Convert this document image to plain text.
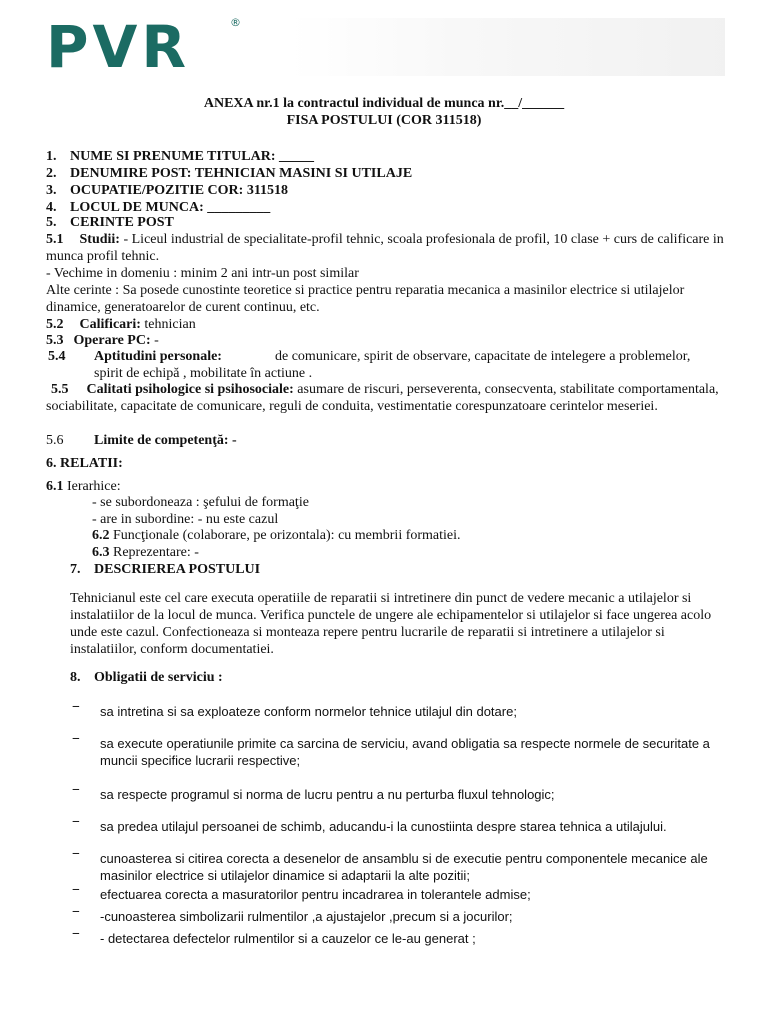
PVR	®
ANEXA nr.1 la contractul individual de munca nr.__/______
FISA POSTULUI (COR 311518)
1. NUME SI PRENUME TITULAR: _____
2. DENUMIRE POST: TEHNICIAN MASINI SI UTILAJE
3. OCUPATIE/POZITIE COR: 311518
4. LOCUL DE MUNCA: _________
5. CERINTE POST
5.1 Studii: - Liceul industrial de specialitate-profil tehnic, scoala profesionala de profil, 10 clase + curs de calificare in munca profil tehnic.
- Vechime in domeniu : minim 2 ani intr-un post similar
Alte cerinte : Sa posede cunostinte teoretice si practice pentru reparatia mecanica a masinilor electrice si utilajelor dinamice, generatoarelor de curent continuu, etc.
5.2 Calificari: tehnician
5.3 Operare PC: -
5.4 Aptitudini personale:	de comunicare, spirit de observare, capacitate de intelegere a problemelor, spirit de echipă , mobilitate în actiune .
5.5 Calitati psihologice si psihosociale: asumare de riscuri, perseverenta, consecventa, stabilitate comportamentala, sociabilitate, capacitate de comunicare, reguli de conduita, vestimentatie corespunzatoare cerintelor meseriei.
5.6 Limite de competenţă: -
6. RELATII:
6.1 Ierarhice:
- se subordoneaza : şefului de formaţie
- are in subordine: - nu este cazul
6.2 Funcţionale (colaborare, pe orizontala): cu membrii formatiei.
6.3 Reprezentare: -
7. DESCRIEREA POSTULUI
Tehnicianul este cel care executa operatiile de reparatii si intretinere din punct de vedere mecanic a utilajelor si instalatiilor de la locul de munca. Verifica punctele de ungere ale echipamentelor si utilajelor si face ungerea acolo unde este cazul. Confectioneaza si monteaza repere pentru lucrarile de reparatii si intretinere a utilajelor si instalatiilor, conform documentatiei.
8. Obligatii de serviciu :
− sa intretina si sa exploateze conform normelor tehnice utilajul din dotare;
− sa execute operatiunile primite ca sarcina de serviciu, avand obligatia sa respecte normele de securitate a muncii specifice lucrarii respective;
− sa respecte programul si norma de lucru pentru a nu perturba fluxul tehnologic;
− sa predea utilajul persoanei de schimb, aducandu-i la cunostiinta despre starea tehnica a utilajului.
− cunoasterea si citirea corecta a desenelor de ansamblu si de executie pentru componentele mecanice ale masinilor electrice si utilajelor dinamice si adaptarii la alte pozitii;
− efectuarea corecta a masuratorilor pentru incadrarea in tolerantele admise;
− -cunoasterea simbolizarii rulmentilor ,a ajustajelor ,precum si a jocurilor;
− - detectarea defectelor rulmentilor si a cauzelor ce le-au generat ;
